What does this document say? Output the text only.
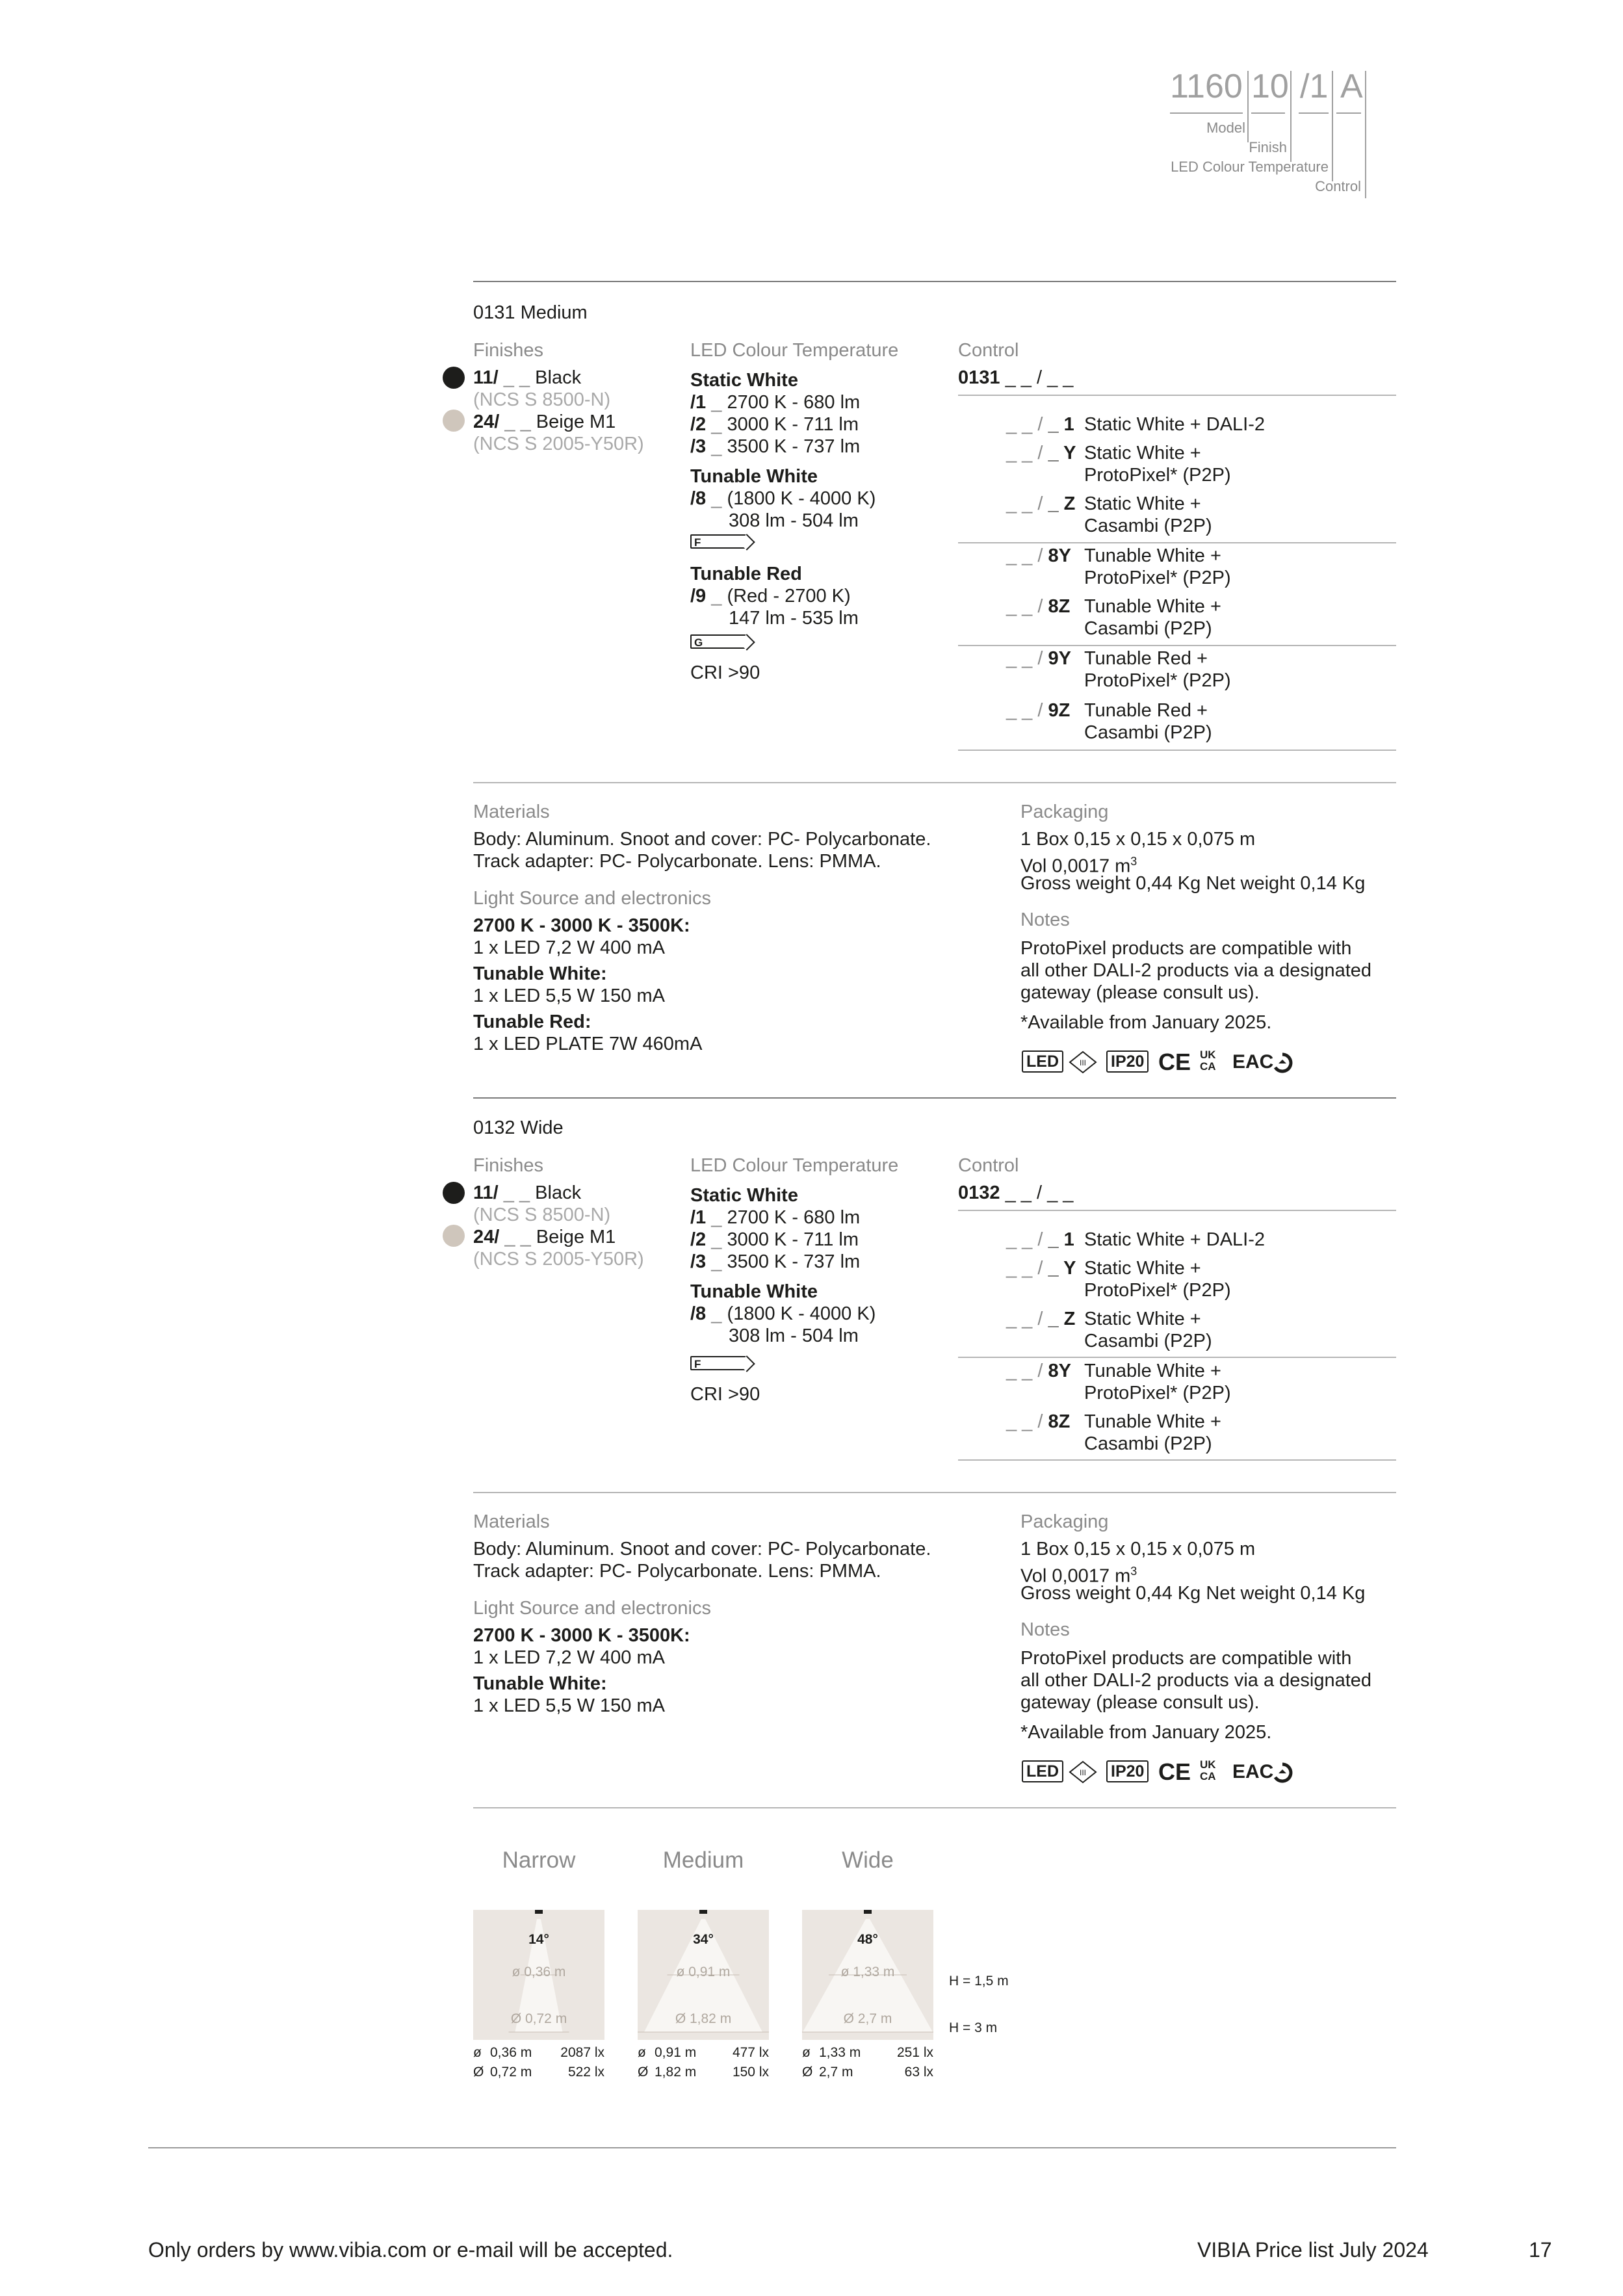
1160 10 /1 A
Model
Finish
LED Colour Temperature
Control
0131 Medium
Finishes	LED Colour Temperature	Control
11/ _ _ Black
(NCS S 8500-N)
24/ _ _ Beige M1
(NCS S 2005-Y50R)
Static White
/1 _ 2700 K - 680 lm
/2 _ 3000 K - 711 lm
/3 _ 3500 K - 737 lm
Tunable White
/8 _ (1800 K - 4000 K)
308 lm - 504 lm
F
Tunable Red
/9 _ (Red - 2700 K)
147 lm - 535 lm
G
CRI >90
0131 _ _ / _ _
_ _ / _ 1 Static White + DALI-2
_ _ / _ Y Static White +
ProtoPixel* (P2P)
_ _ / _ Z Static White +
Casambi (P2P)
_ _ / 8Y Tunable White +
ProtoPixel* (P2P)
_ _ / 8Z Tunable White +
Casambi (P2P)
_ _ / 9Y Tunable Red +
ProtoPixel* (P2P)
_ _ / 9Z Tunable Red +
Casambi (P2P)
Materials
Body: Aluminum. Snoot and cover: PC- Polycarbonate.
Track adapter: PC- Polycarbonate. Lens: PMMA.
Light Source and electronics
2700 K - 3000 K - 3500K:
1 x LED 7,2 W 400 mA
Tunable White:
1 x LED 5,5 W 150 mA
Tunable Red:
1 x LED PLATE 7W 460mA
Packaging
1 Box 0,15 x 0,15 x 0,075 m
Vol 0,0017 $m^3$
Gross weight 0,44 Kg Net weight 0,14 Kg
Notes
ProtoPixel products are compatible with
all other DALI-2 products via a designated
gateway (please consult us).
*Available from January 2025.
LED	III IP20 CE UK CA EAC
0132 Wide
Finishes	LED Colour Temperature	Control
11/ _ _ Black
(NCS S 8500-N)
24/ _ _ Beige M1
(NCS S 2005-Y50R)
Static White
/1 _ 2700 K - 680 lm
/2 _ 3000 K - 711 lm
/3 _ 3500 K - 737 lm
Tunable White
/8 _ (1800 K - 4000 K)
308 lm - 504 lm
F
CRI >90
0132 _ _ / _ _
_ _ / _ 1 Static White + DALI-2
_ _ / _ Y Static White +
ProtoPixel* (P2P)
_ _ / _ Z Static White +
Casambi (P2P)
_ _ / 8Y Tunable White +
ProtoPixel* (P2P)
_ _ / 8Z Tunable White +
Casambi (P2P)
Materials
Body: Aluminum. Snoot and cover: PC- Polycarbonate.
Track adapter: PC- Polycarbonate. Lens: PMMA.
Light Source and electronics
2700 K - 3000 K - 3500K:
1 x LED 7,2 W 400 mA
Tunable White:
1 x LED 5,5 W 150 mA
Packaging
1 Box 0,15 x 0,15 x 0,075 m
Vol 0,0017 $m^3$
Gross weight 0,44 Kg Net weight 0,14 Kg
Notes
ProtoPixel products are compatible with
all other DALI-2 products via a designated
gateway (please consult us).
*Available from January 2025.
LED	III IP20 CE UK CA EAC
Narrow
14°
ø 0,36 m
Ø 0,72 m
ø 0,36 m	2087 lx
Ø 0,72 m	522 lx
Medium
34°
ø 0,91 m
Ø 1,82 m
ø 0,91 m	477 lx
Ø 1,82 m	150 lx
Wide
48°
ø 1,33 m
Ø 2,7 m
ø 1,33 m	251 lx
Ø 2,7 m	63 lx
H = 1,5 m
H = 3 m
Only orders by www.vibia.com or e-mail will be accepted.	VIBIA Price list July 2024	17
